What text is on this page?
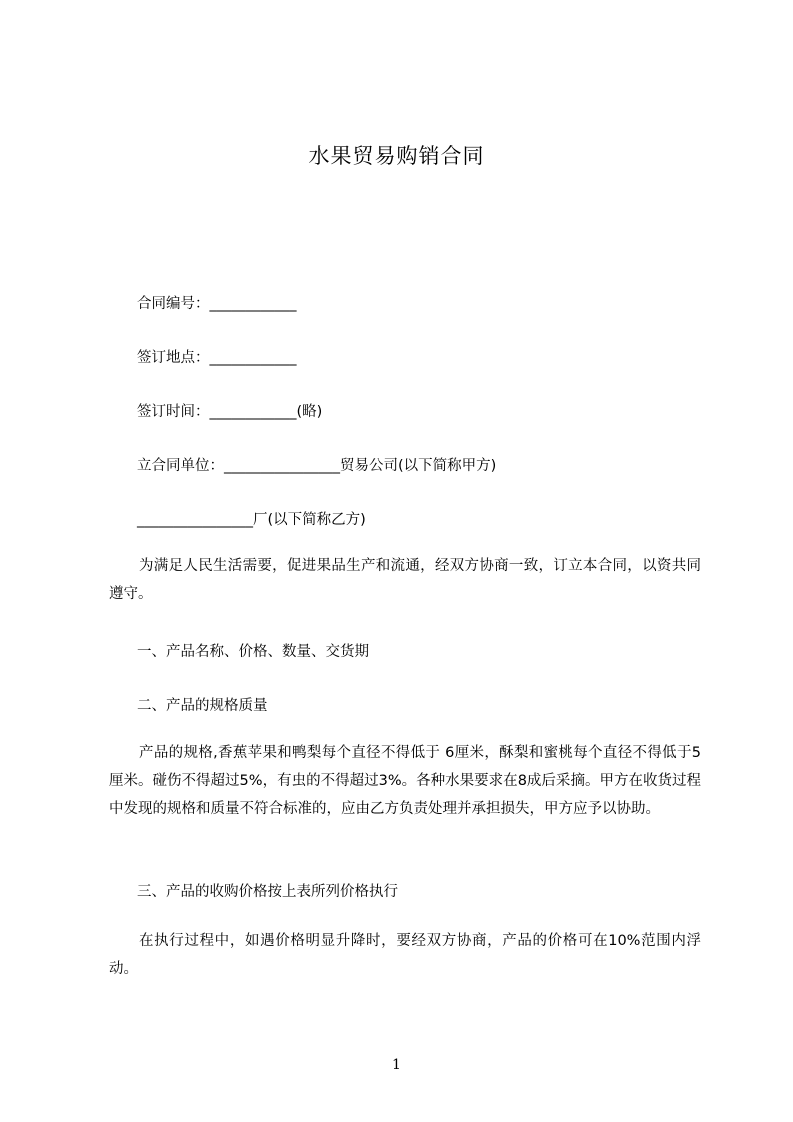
水果贸易购销合同
合同编号：____________
签订地点：____________
签订时间：____________(略)
立合同单位：________________贸易公司(以下简称甲方)
________________厂(以下简称乙方)
为满足人民生活需要，促进果品生产和流通，经双方协商一致，订立本合同，以资共同遵守。
一、产品名称、价格、数量、交货期
二、产品的规格质量
产品的规格,香蕉苹果和鸭梨每个直径不得低于 6厘米，酥梨和蜜桃每个直径不得低于5厘米。碰伤不得超过5%，有虫的不得超过3%。各种水果要求在8成后采摘。甲方在收货过程中发现的规格和质量不符合标准的，应由乙方负责处理并承担损失，甲方应予以协助。
三、产品的收购价格按上表所列价格执行
在执行过程中，如遇价格明显升降时，要经双方协商，产品的价格可在10%范围内浮动。
1
